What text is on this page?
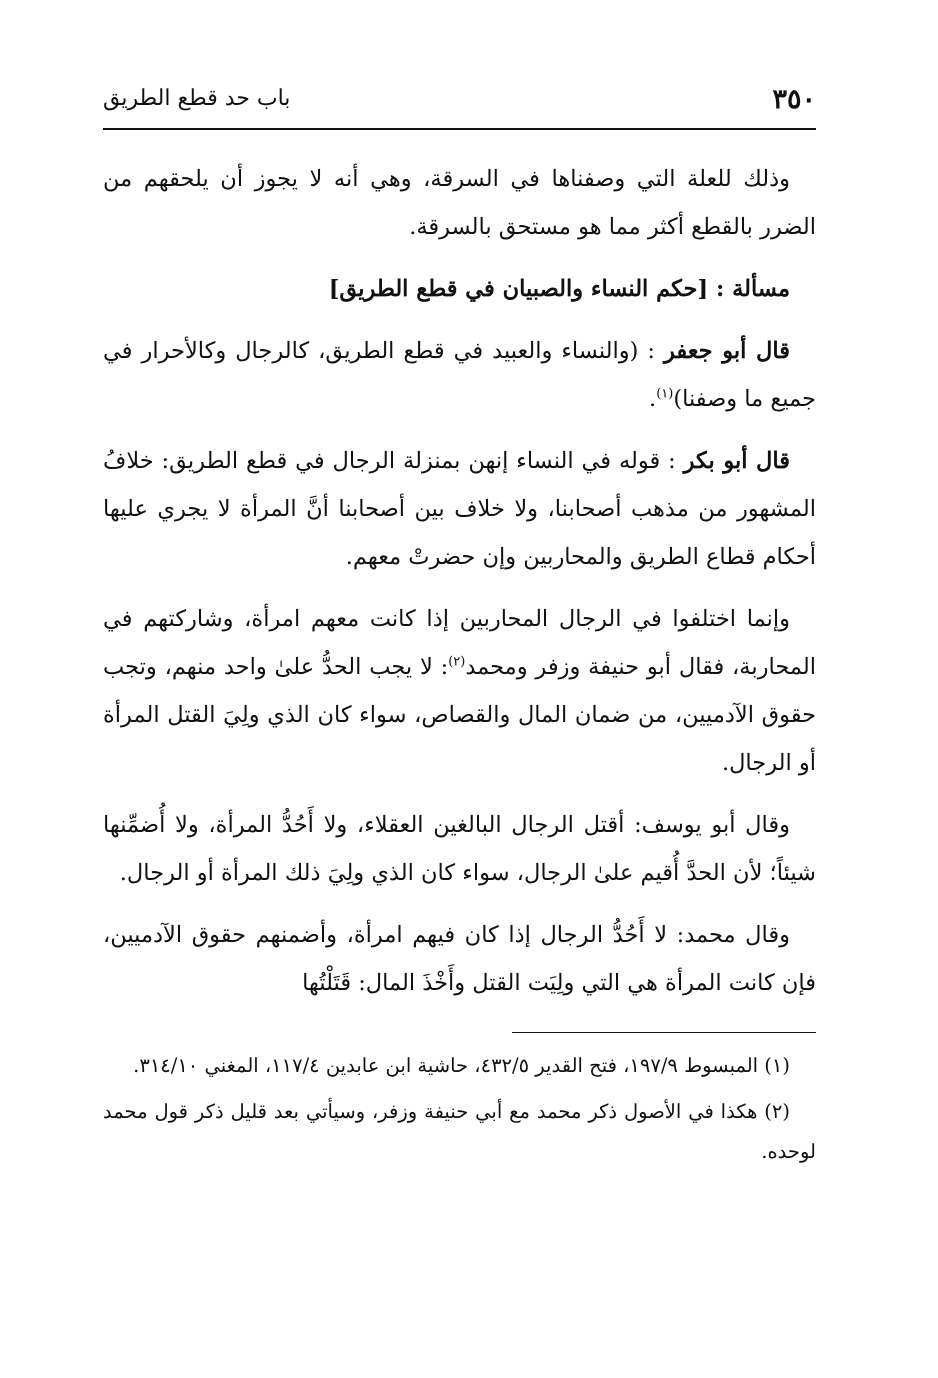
٣٥٠
باب حد قطع الطريق

وذلك للعلة التي وصفناها في السرقة، وهي أنه لا يجوز أن يلحقهم من الضرر بالقطع أكثر مما هو مستحق بالسرقة.

مسألة : [حكم النساء والصبيان في قطع الطريق]

قال أبو جعفر : (والنساء والعبيد في قطع الطريق، كالرجال وكالأحرار في جميع ما وصفنا)$^{(١)}$.

قال أبو بكر : قوله في النساء إنهن بمنزلة الرجال في قطع الطريق: خلافُ المشهور من مذهب أصحابنا، ولا خلاف بين أصحابنا أنَّ المرأة لا يجري عليها أحكام قطاع الطريق والمحاربين وإن حضرتْ معهم.

وإنما اختلفوا في الرجال المحاربين إذا كانت معهم امرأة، وشاركتهم في المحاربة، فقال أبو حنيفة وزفر ومحمد$^{(٢)}$: لا يجب الحدُّ علىٰ واحد منهم، وتجب حقوق الآدميين، من ضمان المال والقصاص، سواء كان الذي ولِيَ القتل المرأة أو الرجال.

وقال أبو يوسف: أقتل الرجال البالغين العقلاء، ولا أَحُدُّ المرأة، ولا أُضمِّنها شيئاً؛ لأن الحدَّ أُقيم علىٰ الرجال، سواء كان الذي ولِيَ ذلك المرأة أو الرجال.

وقال محمد: لا أَحُدُّ الرجال إذا كان فيهم امرأة، وأضمنهم حقوق الآدميين، فإن كانت المرأة هي التي ولِيَت القتل وأَخْذَ المال: قَتَلْتُها

(١) المبسوط ١٩٧/٩، فتح القدير ٤٣٢/٥، حاشية ابن عابدين ١١٧/٤، المغني ٣١٤/١٠.

(٢) هكذا في الأصول ذكر محمد مع أبي حنيفة وزفر، وسيأتي بعد قليل ذكر قول محمد لوحده.
